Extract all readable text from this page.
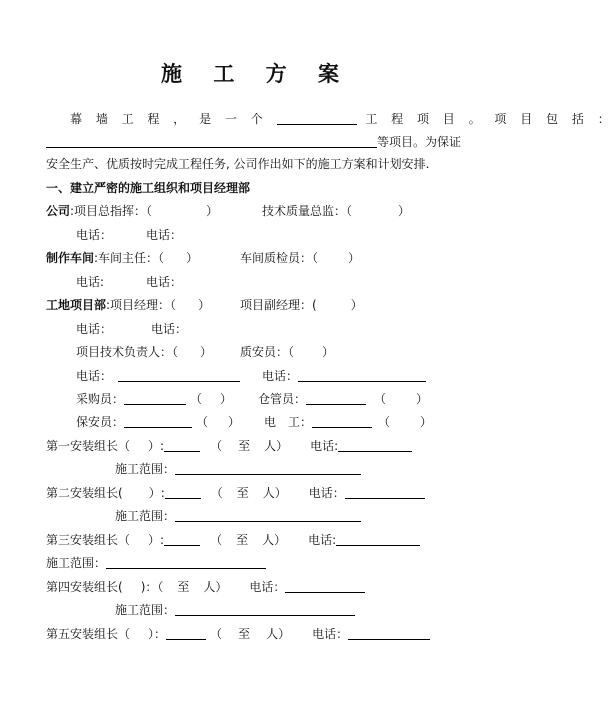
施 工 方 案
幕 墙 工 程 ， 是 一 个	工 程 项 目 。 项 目 包 括 ：
等项目。为保证
安全生产、优质按时完成工程任务, 公司作出如下的施工方案和计划安排.
一、建立严密的施工组织和项目经理部
公司:项目总指挥：（	）	技术质量总监：（	）
电话：	电话：
制作车间:车间主任：（ ）	车间质检员：（	）
电话:	电话：
工地项目部:项目经理：（ ） 项目副经理：(	）
电话：	电话：
项目技术负责人：（ ） 质安员：（ ）
电话：	电话：
采购员：	（ ） 仓管员：	（	）
保安员：	（ ） 电　工：	（	）
第一安装组长（ ）:	（ 至 人） 电话:
施工范围：
第二安装组长( ）:	（ 至 人） 电话：
施工范围：
第三安装组长（ ）:	（ 至 人） 电话:
施工范围：
第四安装组长( )：（ 至 人） 电话：
施工范围：
第五安装组长（ ）：	（ 至 人） 电话：
